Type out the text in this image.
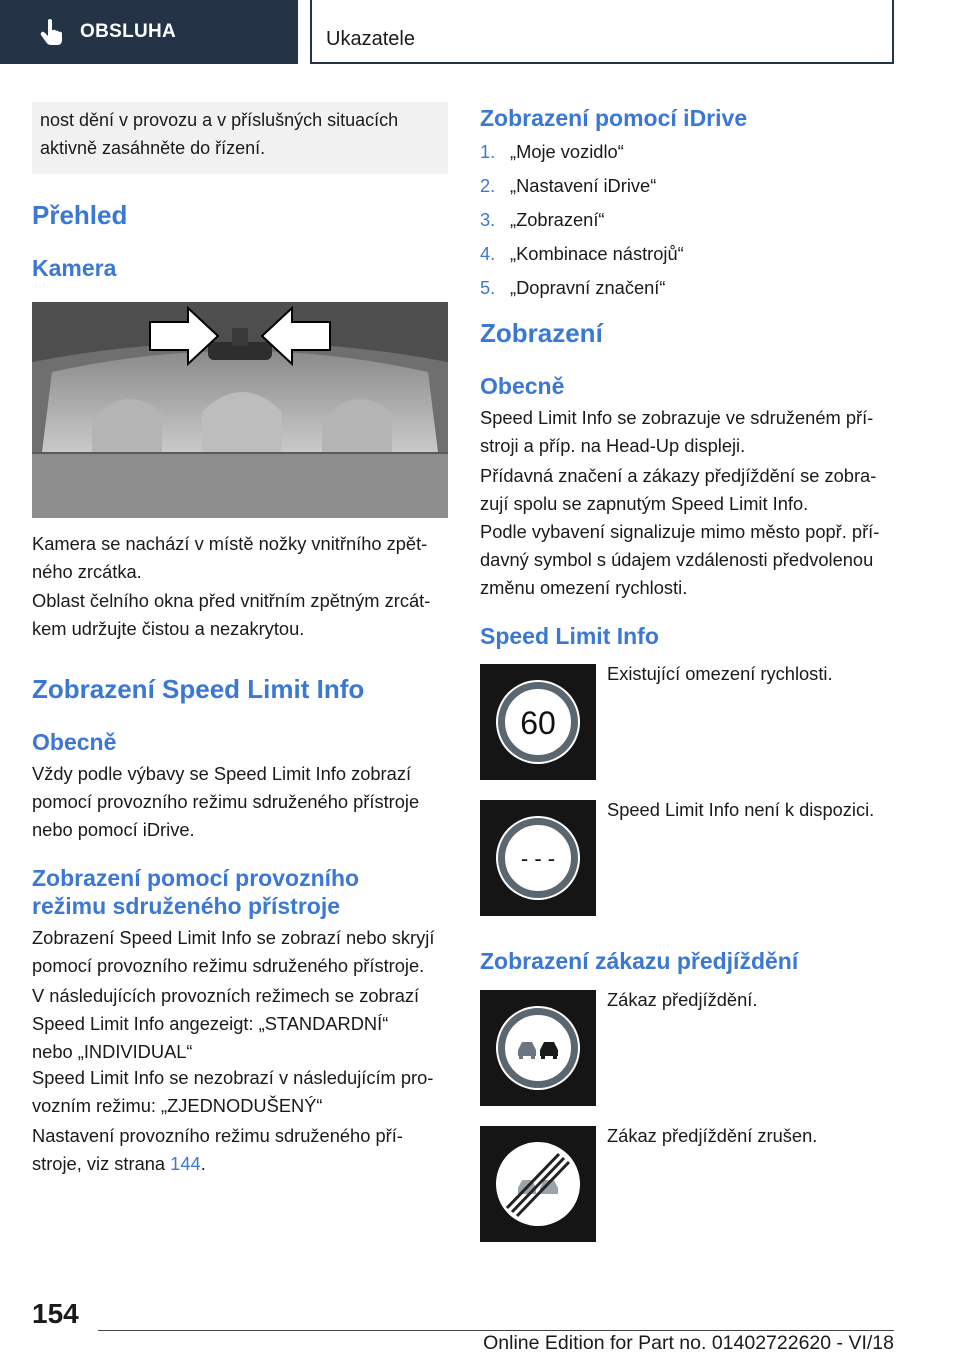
OBSLUHA	Ukazatele
nost dění v provozu a v příslušných situacích aktivně zasáhněte do řízení.
Přehled
Kamera
Kamera se nachází v místě nožky vnitřního zpět‐
ného zrcátka.
Oblast čelního okna před vnitřním zpětným zrcát‐
kem udržujte čistou a nezakrytou.
Zobrazení Speed Limit Info
Obecně
Vždy podle výbavy se Speed Limit Info zobrazí
pomocí provozního režimu sdruženého přístroje
nebo pomocí iDrive.
Zobrazení pomocí provozního
režimu sdruženého přístroje
Zobrazení Speed Limit Info se zobrazí nebo skryjí
pomocí provozního režimu sdruženého přístroje.
V následujících provozních režimech se zobrazí
Speed Limit Info angezeigt: „STANDARDNÍ“
nebo „INDIVIDUAL“
Speed Limit Info se nezobrazí v následujícím pro‐
vozním režimu: „ZJEDNODUŠENÝ“
Nastavení provozního režimu sdruženého pří‐
stroje, viz strana 144.
Zobrazení pomocí iDrive
1. „Moje vozidlo“
2. „Nastavení iDrive“
3. „Zobrazení“
4. „Kombinace nástrojů“
5. „Dopravní značení“
Zobrazení
Obecně
Speed Limit Info se zobrazuje ve sdruženém pří‐
stroji a příp. na Head-Up displeji.
Přídavná značení a zákazy předjíždění se zobra‐
zují spolu se zapnutým Speed Limit Info.
Podle vybavení signalizuje mimo město popř. pří‐
davný symbol s údajem vzdálenosti předvolenou
změnu omezení rychlosti.
Speed Limit Info
60
Existující omezení rychlosti.
- - -
Speed Limit Info není k dispozici.
Zobrazení zákazu předjíždění
Zákaz předjíždění.
Zákaz předjíždění zrušen.
154
Online Edition for Part no. 01402722620 - VI/18
